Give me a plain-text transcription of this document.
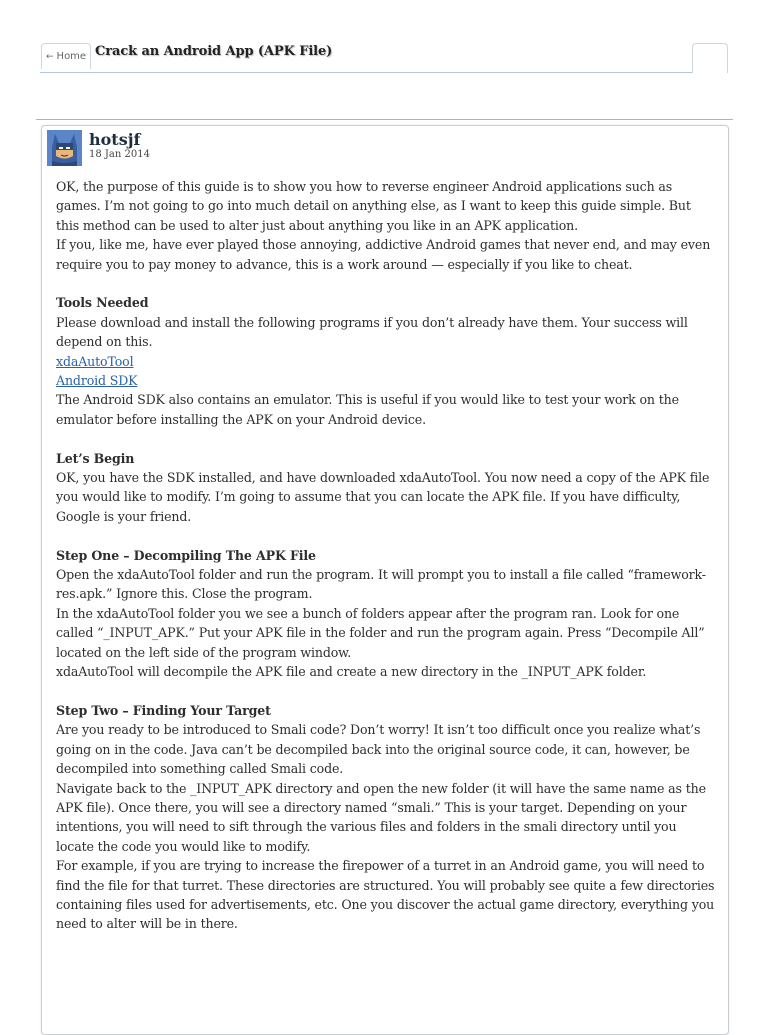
← Home Crack an Android App (APK File)
hotsjf
18 Jan 2014

OK, the purpose of this guide is to show you how to reverse engineer Android applications such as games. I’m not going to go into much detail on anything else, as I want to keep this guide simple. But this method can be used to alter just about anything you like in an APK application.

If you, like me, have ever played those annoying, addictive Android games that never end, and may even require you to pay money to advance, this is a work around — especially if you like to cheat.

Tools Needed

Please download and install the following programs if you don’t already have them. Your success will depend on this.

xdaAutoTool

Android SDK

The Android SDK also contains an emulator. This is useful if you would like to test your work on the emulator before installing the APK on your Android device.

Let’s Begin

OK, you have the SDK installed, and have downloaded xdaAutoTool. You now need a copy of the APK file you would like to modify. I’m going to assume that you can locate the APK file. If you have difficulty, Google is your friend.

Step One – Decompiling The APK File

Open the xdaAutoTool folder and run the program. It will prompt you to install a file called “framework-res.apk.” Ignore this. Close the program.

In the xdaAutoTool folder you we see a bunch of folders appear after the program ran. Look for one called “_INPUT_APK.” Put your APK file in the folder and run the program again. Press “Decompile All” located on the left side of the program window.

xdaAutoTool will decompile the APK file and create a new directory in the _INPUT_APK folder.

Step Two – Finding Your Target

Are you ready to be introduced to Smali code? Don’t worry! It isn’t too difficult once you realize what’s going on in the code. Java can’t be decompiled back into the original source code, it can, however, be decompiled into something called Smali code.

Navigate back to the _INPUT_APK directory and open the new folder (it will have the same name as the APK file). Once there, you will see a directory named “smali.” This is your target. Depending on your intentions, you will need to sift through the various files and folders in the smali directory until you locate the code you would like to modify.

For example, if you are trying to increase the firepower of a turret in an Android game, you will need to find the file for that turret. These directories are structured. You will probably see quite a few directories containing files used for advertisements, etc. One you discover the actual game directory, everything you need to alter will be in there.
